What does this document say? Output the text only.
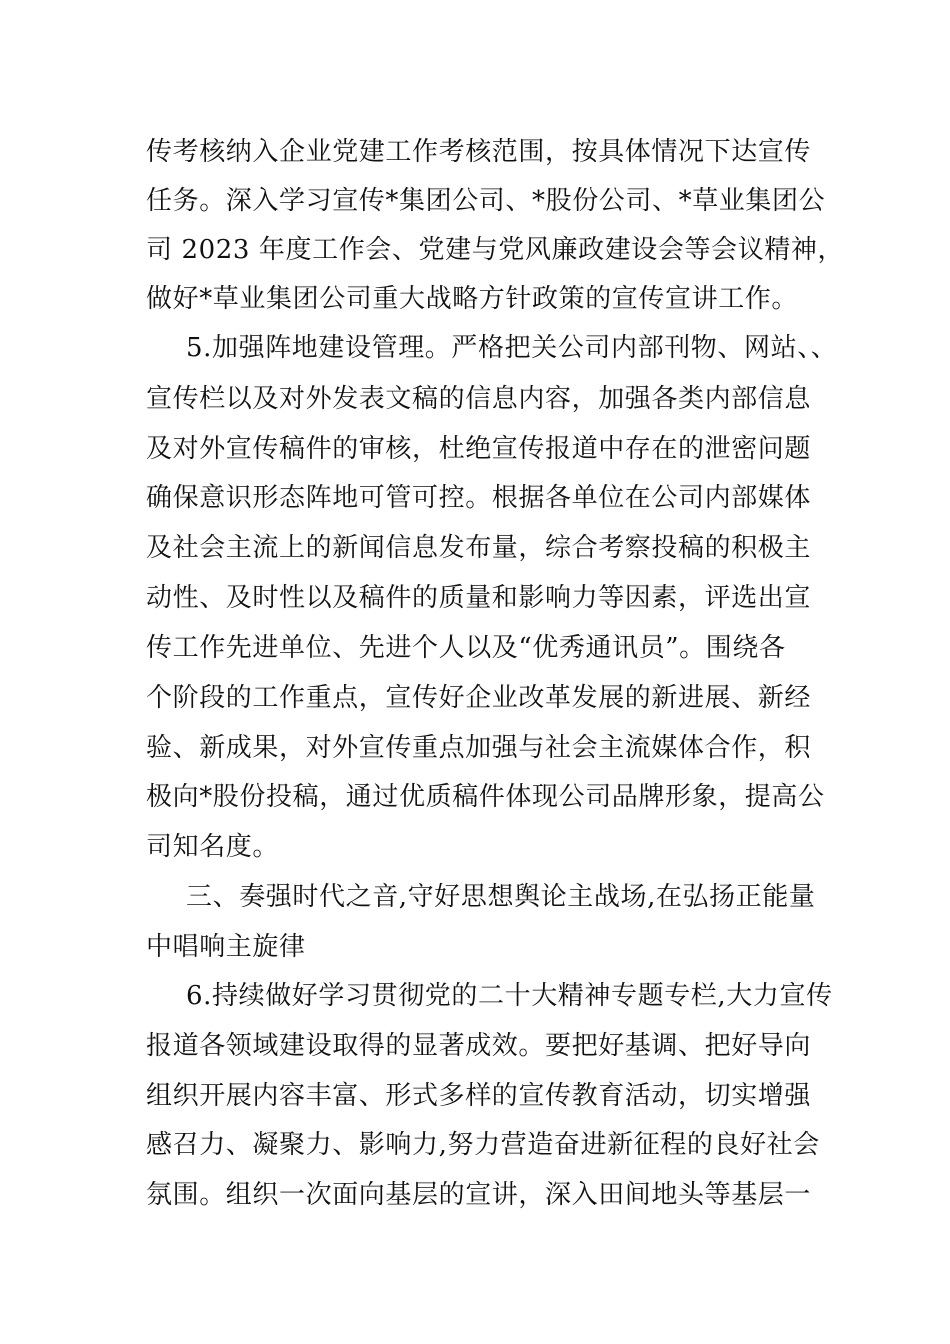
传考核纳入企业党建工作考核范围，按具体情况下达宣传
任务。深入学习宣传*集团公司、*股份公司、*草业集团公
司 2023 年度工作会、党建与党风廉政建设会等会议精神，
做好*草业集团公司重大战略方针政策的宣传宣讲工作。
5.加强阵地建设管理。严格把关公司内部刊物、网站、、
宣传栏以及对外发表文稿的信息内容，加强各类内部信息
及对外宣传稿件的审核，杜绝宣传报道中存在的泄密问题
确保意识形态阵地可管可控。根据各单位在公司内部媒体
及社会主流上的新闻信息发布量，综合考察投稿的积极主
动性、及时性以及稿件的质量和影响力等因素，评选出宣
传工作先进单位、先进个人以及“优秀通讯员”。围绕各
个阶段的工作重点，宣传好企业改革发展的新进展、新经
验、新成果，对外宣传重点加强与社会主流媒体合作，积
极向*股份投稿，通过优质稿件体现公司品牌形象，提高公
司知名度。
三、奏强时代之音,守好思想舆论主战场,在弘扬正能量
中唱响主旋律
6.持续做好学习贯彻党的二十大精神专题专栏,大力宣传
报道各领域建设取得的显著成效。要把好基调、把好导向
组织开展内容丰富、形式多样的宣传教育活动，切实增强
感召力、凝聚力、影响力,努力营造奋进新征程的良好社会
氛围。组织一次面向基层的宣讲，深入田间地头等基层一
